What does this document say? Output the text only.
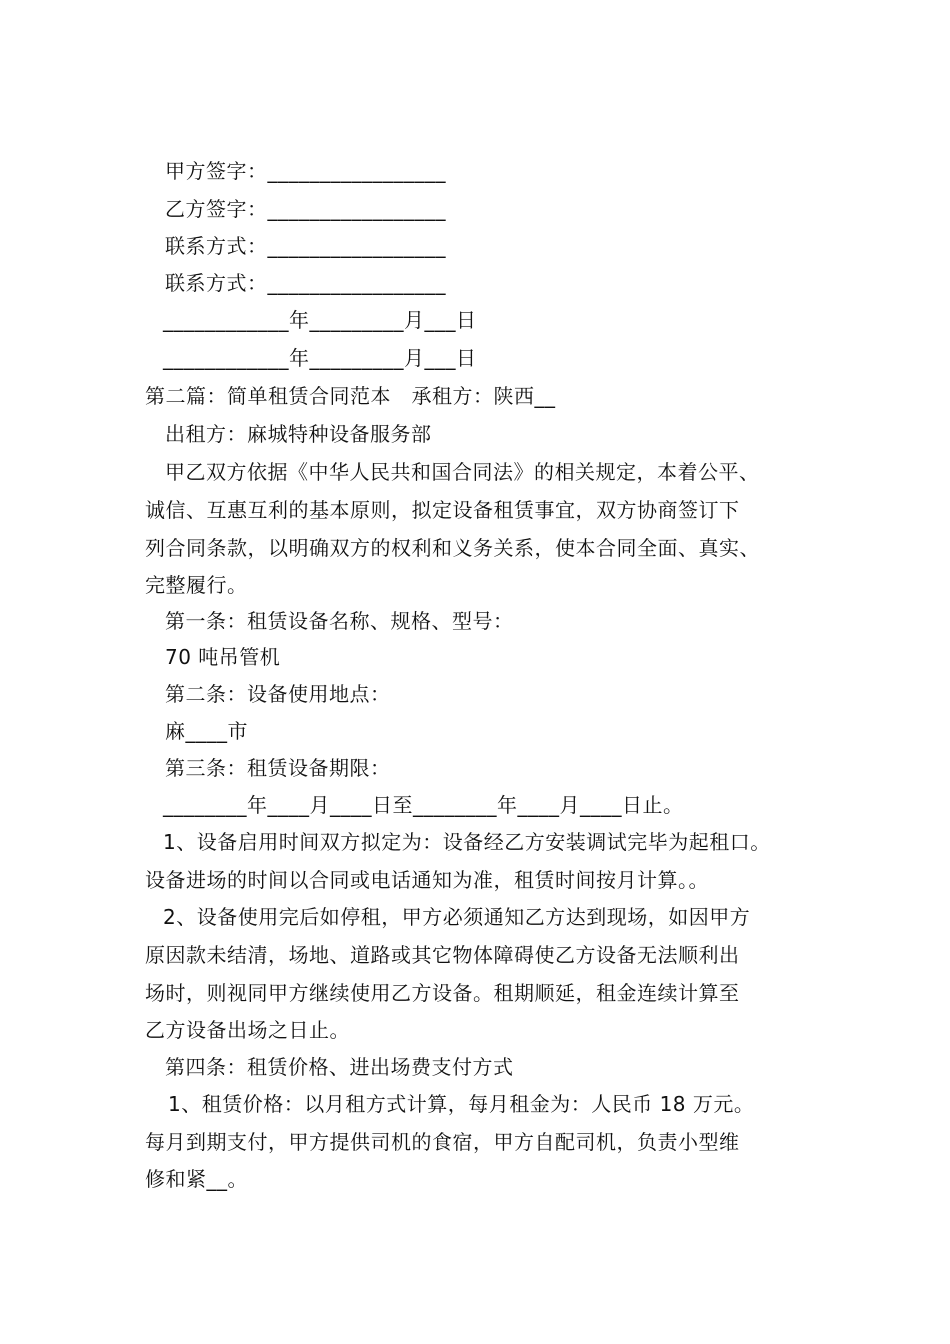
甲方签字：_________________
乙方签字：_________________
联系方式：_________________
联系方式：_________________
____________年_________月___日
____________年_________月___日
第二篇：简单租赁合同范本　承租方：陕西__
出租方：麻城特种设备服务部
甲乙双方依据《中华人民共和国合同法》的相关规定，本着公平、
诚信、互惠互利的基本原则，拟定设备租赁事宜，双方协商签订下
列合同条款，以明确双方的权利和义务关系，使本合同全面、真实、
完整履行。
第一条：租赁设备名称、规格、型号：
70 吨吊管机
第二条：设备使用地点：
麻____市
第三条：租赁设备期限：
________年____月____日至________年____月____日止。
1、设备启用时间双方拟定为：设备经乙方安装调试完毕为起租口。
设备进场的时间以合同或电话通知为准，租赁时间按月计算。。
2、设备使用完后如停租，甲方必须通知乙方达到现场，如因甲方
原因款未结清，场地、道路或其它物体障碍使乙方设备无法顺利出
场时，则视同甲方继续使用乙方设备。租期顺延，租金连续计算至
乙方设备出场之日止。
第四条：租赁价格、进出场费支付方式
1、租赁价格：以月租方式计算，每月租金为：人民币 18 万元。
每月到期支付，甲方提供司机的食宿，甲方自配司机，负责小型维
修和紧__。
